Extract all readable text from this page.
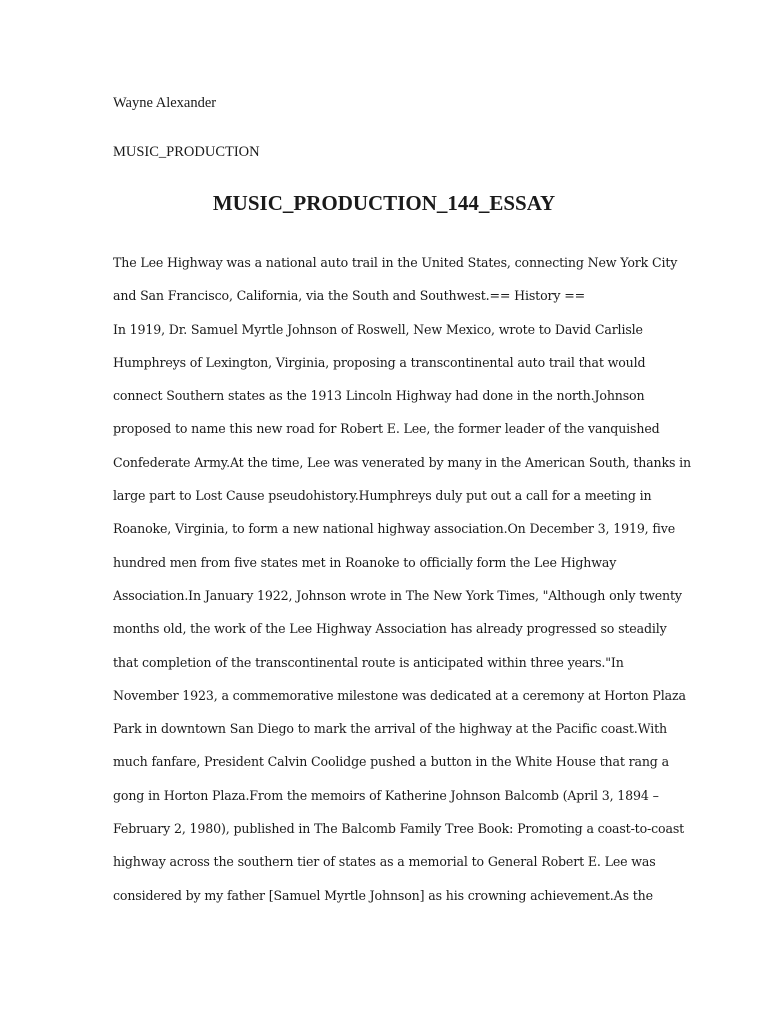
Wayne Alexander

MUSIC_PRODUCTION

MUSIC_PRODUCTION_144_ESSAY
The Lee Highway was a national auto trail in the United States, connecting New York City
and San Francisco, California, via the South and Southwest.== History ==
In 1919, Dr. Samuel Myrtle Johnson of Roswell, New Mexico, wrote to David Carlisle
Humphreys of Lexington, Virginia, proposing a transcontinental auto trail that would
connect Southern states as the 1913 Lincoln Highway had done in the north.Johnson
proposed to name this new road for Robert E. Lee, the former leader of the vanquished
Confederate Army.At the time, Lee was venerated by many in the American South, thanks in
large part to Lost Cause pseudohistory.Humphreys duly put out a call for a meeting in
Roanoke, Virginia, to form a new national highway association.On December 3, 1919, five
hundred men from five states met in Roanoke to officially form the Lee Highway
Association.In January 1922, Johnson wrote in The New York Times, "Although only twenty
months old, the work of the Lee Highway Association has already progressed so steadily
that completion of the transcontinental route is anticipated within three years."In
November 1923, a commemorative milestone was dedicated at a ceremony at Horton Plaza
Park in downtown San Diego to mark the arrival of the highway at the Pacific coast.With
much fanfare, President Calvin Coolidge pushed a button in the White House that rang a
gong in Horton Plaza.From the memoirs of Katherine Johnson Balcomb (April 3, 1894 –
February 2, 1980), published in The Balcomb Family Tree Book: Promoting a coast-to-coast
highway across the southern tier of states as a memorial to General Robert E. Lee was
considered by my father [Samuel Myrtle Johnson] as his crowning achievement.As the
